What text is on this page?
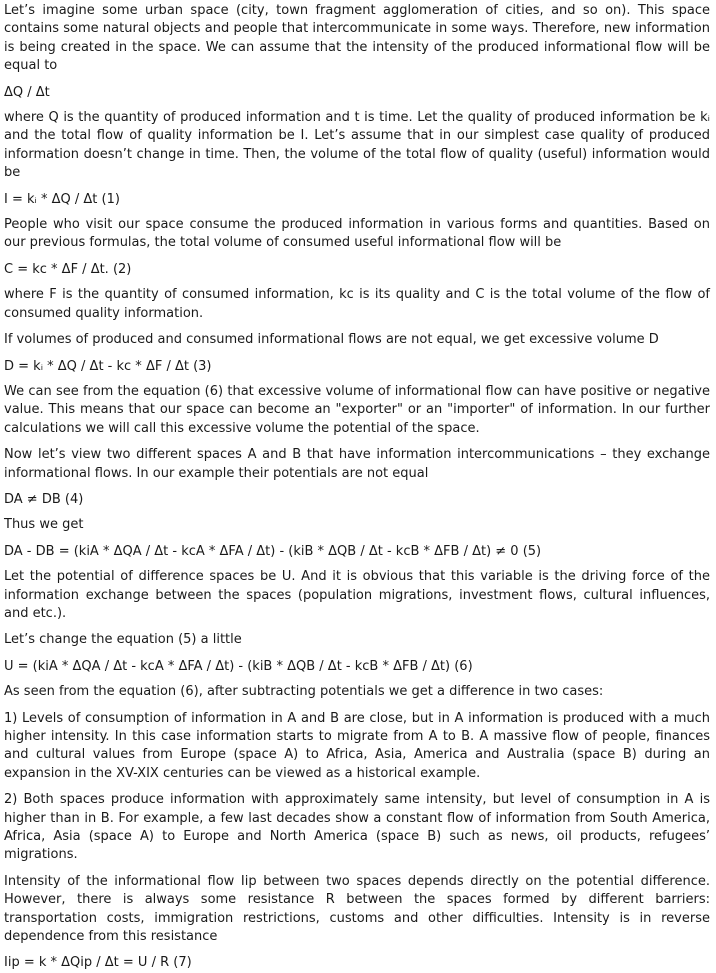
Let’s imagine some urban space (city, town fragment agglomeration of cities, and so on). This space contains some natural objects and people that intercommunicate in some ways. Therefore, new information is being created in the space. We can assume that the intensity of the produced informational flow will be equal to

ΔQ / Δt

where Q is the quantity of produced information and t is time. Let the quality of produced information be kᵢ and the total flow of quality information be I. Let’s assume that in our simplest case quality of produced information doesn’t change in time. Then, the volume of the total flow of quality (useful) information would be

I = kᵢ * ΔQ / Δt (1)

People who visit our space consume the produced information in various forms and quantities. Based on our previous formulas, the total volume of consumed useful informational flow will be

C = kc * ΔF / Δt. (2)

where F is the quantity of consumed information, kc is its quality and C is the total volume of the flow of consumed quality information.

If volumes of produced and consumed informational flows are not equal, we get excessive volume D

D = kᵢ * ΔQ / Δt - kc * ΔF / Δt (3)

We can see from the equation (6) that excessive volume of informational flow can have positive or negative value. This means that our space can become an "exporter" or an "importer" of information. In our further calculations we will call this excessive volume the potential of the space.

Now let’s view two different spaces A and B that have information intercommunications – they exchange informational flows. In our example their potentials are not equal

DA ≠ DB (4)

Thus we get

DA - DB = (kiA * ΔQA / Δt - kcA * ΔFA / Δt) - (kiB * ΔQB / Δt - kcB * ΔFB / Δt) ≠ 0 (5)

Let the potential of difference spaces be U. And it is obvious that this variable is the driving force of the information exchange between the spaces (population migrations, investment flows, cultural influences, and etc.).

Let’s change the equation (5) a little

U = (kiA * ΔQA / Δt - kcA * ΔFA / Δt) - (kiB * ΔQB / Δt - kcB * ΔFB / Δt) (6)

As seen from the equation (6), after subtracting potentials we get a difference in two cases:

1) Levels of consumption of information in A and B are close, but in A information is produced with a much higher intensity. In this case information starts to migrate from A to B. A massive flow of people, finances and cultural values from Europe (space A) to Africa, Asia, America and Australia (space B) during an expansion in the XV-XIX centuries can be viewed as a historical example.

2) Both spaces produce information with approximately same intensity, but level of consumption in A is higher than in B. For example, a few last decades show a constant flow of information from South America, Africa, Asia (space A) to Europe and North America (space B) such as news, oil products, refugees’ migrations.

Intensity of the informational flow Iip between two spaces depends directly on the potential difference. However, there is always some resistance R between the spaces formed by different barriers: transportation costs, immigration restrictions, customs and other difficulties. Intensity is in reverse dependence from this resistance

Iip = k * ΔQip / Δt = U / R (7)
